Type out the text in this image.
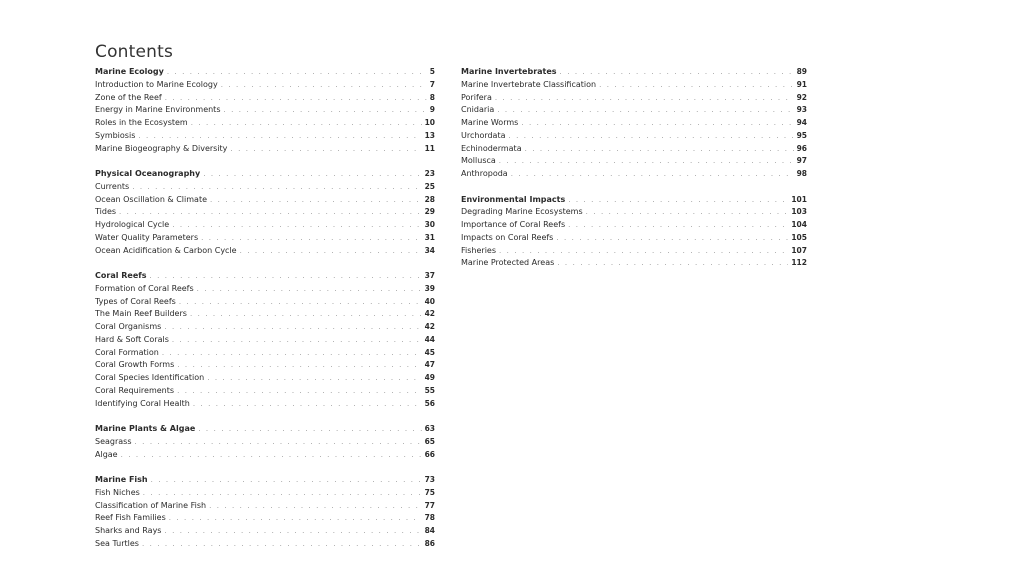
Contents
Marine Ecology . . .	5
Introduction to Marine Ecology . . .	7
Zone of the Reef . . .	8
Energy in Marine Environments . . .	9
Roles in the Ecosystem . . .	10
Symbiosis . . .	13
Marine Biogeography & Diversity . . .	11
Physical Oceanography . . .	23
Currents . . .	25
Ocean Oscillation & Climate . . .	28
Tides . . .	29
Hydrological Cycle . . .	30
Water Quality Parameters . . .	31
Ocean Acidification & Carbon Cycle . . .	34
Coral Reefs . . .	37
Formation of Coral Reefs . . .	39
Types of Coral Reefs . . .	40
The Main Reef Builders . . .	42
Coral Organisms . . .	42
Hard & Soft Corals . . .	44
Coral Formation . . .	45
Coral Growth Forms . . .	47
Coral Species Identification . . .	49
Coral Requirements . . .	55
Identifying Coral Health . . .	56
Marine Plants & Algae . . .	63
Seagrass . . .	65
Algae . . .	66
Marine Fish . . .	73
Fish Niches . . .	75
Classification of Marine Fish . . .	77
Reef Fish Families . . .	78
Sharks and Rays . . .	84
Sea Turtles . . .	86
Marine Invertebrates . . .	89
Marine Invertebrate Classification . . .	91
Porifera . . .	92
Cnidaria . . .	93
Marine Worms . . .	94
Urchordata . . .	95
Echinodermata . . .	96
Mollusca . . .	97
Anthropoda . . .	98
Environmental Impacts . . .	101
Degrading Marine Ecosystems . . .	103
Importance of Coral Reefs . . .	104
Impacts on Coral Reefs . . .	105
Fisheries . . .	107
Marine Protected Areas . . .	112
